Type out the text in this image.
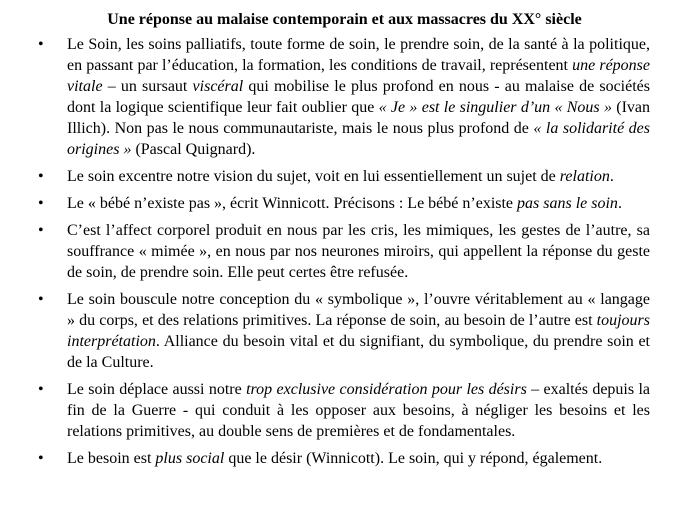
Une réponse au malaise contemporain et aux massacres du XX° siècle
• Le Soin, les soins palliatifs, toute forme de soin, le prendre soin, de la santé à la politique, en passant par l’éducation, la formation, les conditions de travail, représentent une réponse vitale – un sursaut viscéral qui mobilise le plus profond en nous - au malaise de sociétés dont la logique scientifique leur fait oublier que « Je » est le singulier d’un « Nous » (Ivan Illich). Non pas le nous communautariste, mais le nous plus profond de « la solidarité des origines » (Pascal Quignard).
• Le soin excentre notre vision du sujet, voit en lui essentiellement un sujet de relation.
• Le « bébé n’existe pas », écrit Winnicott. Précisons : Le bébé n’existe pas sans le soin.
• C’est l’affect corporel produit en nous par les cris, les mimiques, les gestes de l’autre, sa souffrance « mimée », en nous par nos neurones miroirs, qui appellent la réponse du geste de soin, de prendre soin. Elle peut certes être refusée.
• Le soin bouscule notre conception du « symbolique », l’ouvre véritablement au « langage » du corps, et des relations primitives. La réponse de soin, au besoin de l’autre est toujours interprétation. Alliance du besoin vital et du signifiant, du symbolique, du prendre soin et de la Culture.
• Le soin déplace aussi notre trop exclusive considération pour les désirs – exaltés depuis la fin de la Guerre - qui conduit à les opposer aux besoins, à négliger les besoins et les relations primitives, au double sens de premières et de fondamentales.
• Le besoin est plus social que le désir (Winnicott). Le soin, qui y répond, également.
